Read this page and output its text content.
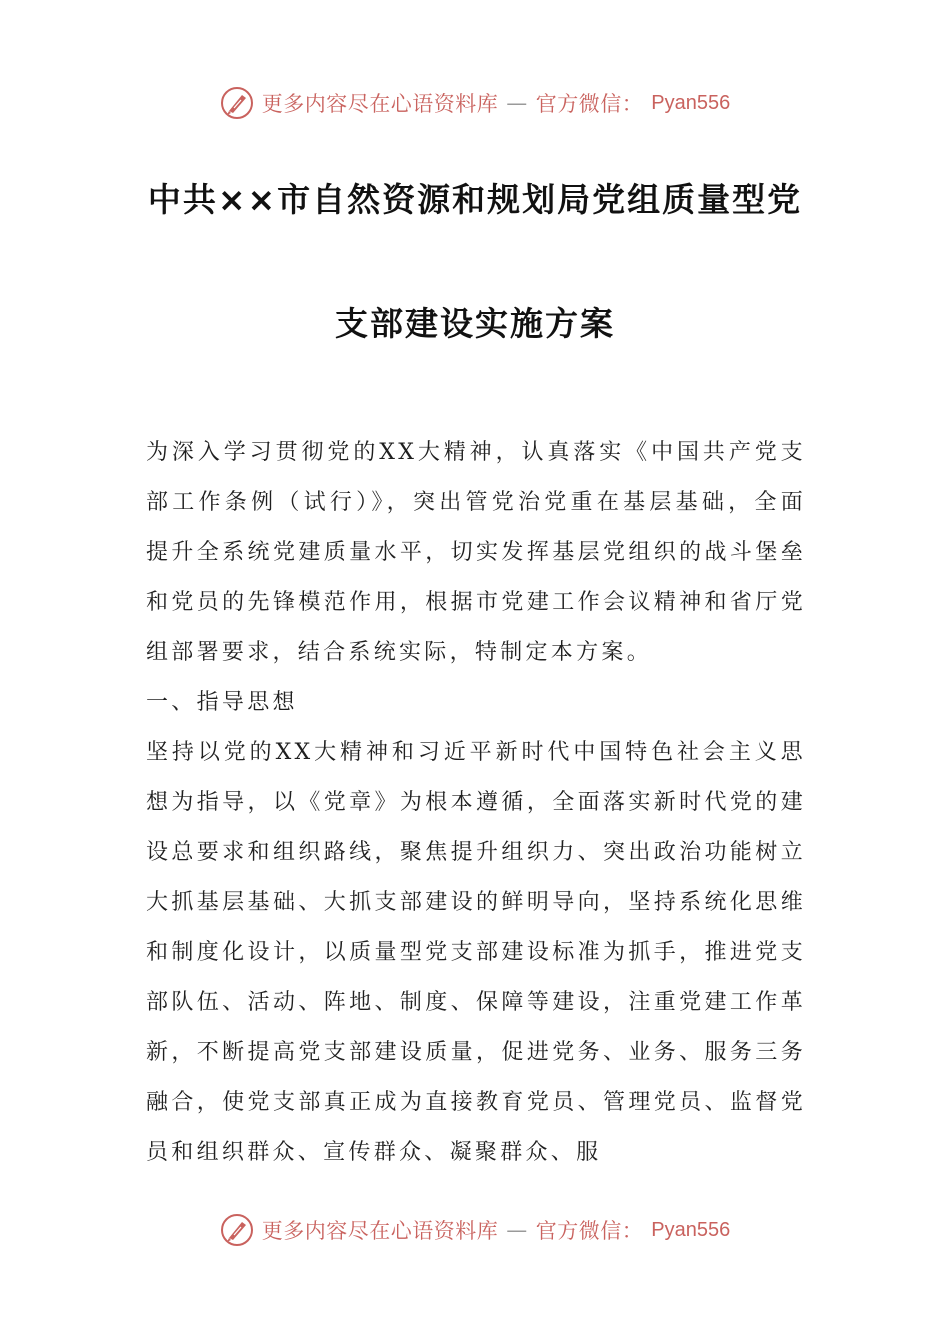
更多内容尽在心语资料库 — 官方微信： Pyan556
中共××市自然资源和规划局党组质量型党
支部建设实施方案

为深入学习贯彻党的XX大精神，认真落实《中国共产党支部工作条例（试行）》，突出管党治党重在基层基础，全面提升全系统党建质量水平，切实发挥基层党组织的战斗堡垒和党员的先锋模范作用，根据市党建工作会议精神和省厅党组部署要求，结合系统实际，特制定本方案。

一、指导思想

坚持以党的XX大精神和习近平新时代中国特色社会主义思想为指导，以《党章》为根本遵循，全面落实新时代党的建设总要求和组织路线，聚焦提升组织力、突出政治功能树立大抓基层基础、大抓支部建设的鲜明导向，坚持系统化思维和制度化设计，以质量型党支部建设标准为抓手，推进党支部队伍、活动、阵地、制度、保障等建设，注重党建工作革新，不断提高党支部建设质量，促进党务、业务、服务三务融合，使党支部真正成为直接教育党员、管理党员、监督党员和组织群众、宣传群众、凝聚群众、服

更多内容尽在心语资料库 — 官方微信： Pyan556
